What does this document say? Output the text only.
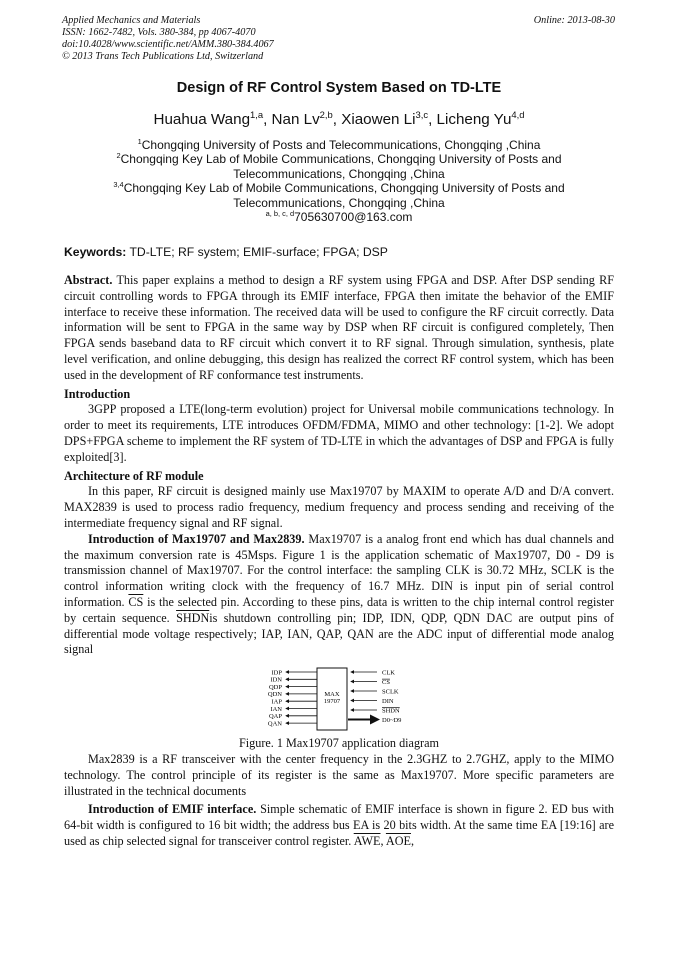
Applied Mechanics and Materials
ISSN: 1662-7482, Vols. 380-384, pp 4067-4070
doi:10.4028/www.scientific.net/AMM.380-384.4067
© 2013 Trans Tech Publications Ltd, Switzerland
Online: 2013-08-30
Design of RF Control System Based on TD-LTE
Huahua Wang$^{1,a}$, Nan Lv$^{2,b}$, Xiaowen Li$^{3,c}$, Licheng Yu$^{4,d}$
$^1$Chongqing University of Posts and Telecommunications, Chongqing ,China
$^2$Chongqing Key Lab of Mobile Communications, Chongqing University of Posts and Telecommunications, Chongqing ,China
$^{3,4}$Chongqing Key Lab of Mobile Communications, Chongqing University of Posts and Telecommunications, Chongqing ,China
$^{a, b, c, d}$705630700@163.com
Keywords: TD-LTE; RF system; EMIF-surface; FPGA; DSP

Abstract. This paper explains a method to design a RF system using FPGA and DSP. After DSP sending RF circuit controlling words to FPGA through its EMIF interface, FPGA then imitate the behavior of the EMIF interface to receive these information. The received data will be used to configure the RF circuit correctly. Data information will be sent to FPGA in the same way by DSP when RF circuit is configured completely, Then FPGA sends baseband data to RF circuit which convert it to RF signal. Through simulation, synthesis, plate level verification, and online debugging, this design has realized the correct RF control system, which has been used in the development of RF conformance test instruments.

Introduction

3GPP proposed a LTE(long-term evolution) project for Universal mobile communications technology. In order to meet its requirements, LTE introduces OFDM/FDMA, MIMO and other technology: [1-2]. We adopt DPS+FPGA scheme to implement the RF system of TD-LTE in which the advantages of DSP and FPGA is fully exploited[3].

Architecture of RF module

In this paper, RF circuit is designed mainly use Max19707 by MAXIM to operate A/D and D/A convert. MAX2839 is used to process radio frequency, medium frequency and process sending and receiving of the intermediate frequency signal and RF signal.

Introduction of Max19707 and Max2839. Max19707 is a analog front end which has dual channels and the maximum conversion rate is 45Msps. Figure 1 is the application schematic of Max19707, D0 - D9 is transmission channel of Max19707. For the control interface: the sampling CLK is 30.72 MHz, SCLK is the control information writing clock with the frequency of 16.7 MHz. DIN is input pin of serial control information. $\overline{CS}$ is the selected pin. According to these pins, data is written to the chip internal control register by certain sequence. SHDNis shutdown controlling pin; IDP, IDN, QDP, QDN DAC are output pins of differential mode voltage respectively; IAP, IAN, QAP, QAN are the ADC input of differential mode analog signal

MAX
19707
IDP
IDN
QDP
QDN
IAP
IAN
QAP
QAN
CLK
CS
SCLK
DIN
SHDN
D0~D9

Figure. 1 Max19707 application diagram

Max2839 is a RF transceiver with the center frequency in the 2.3GHZ to 2.7GHZ, apply to the MIMO technology. The control principle of its register is the same as Max19707. More specific parameters are illustrated in the technical documents

Introduction of EMIF interface. Simple schematic of EMIF interface is shown in figure 2. ED bus with 64-bit width is configured to 16 bit width; the address bus EA is 20 bits width. At the same time EA [19:16] are used as chip selected signal for transceiver control register. $\overline{AWE}$, $\overline{AOE}$,
